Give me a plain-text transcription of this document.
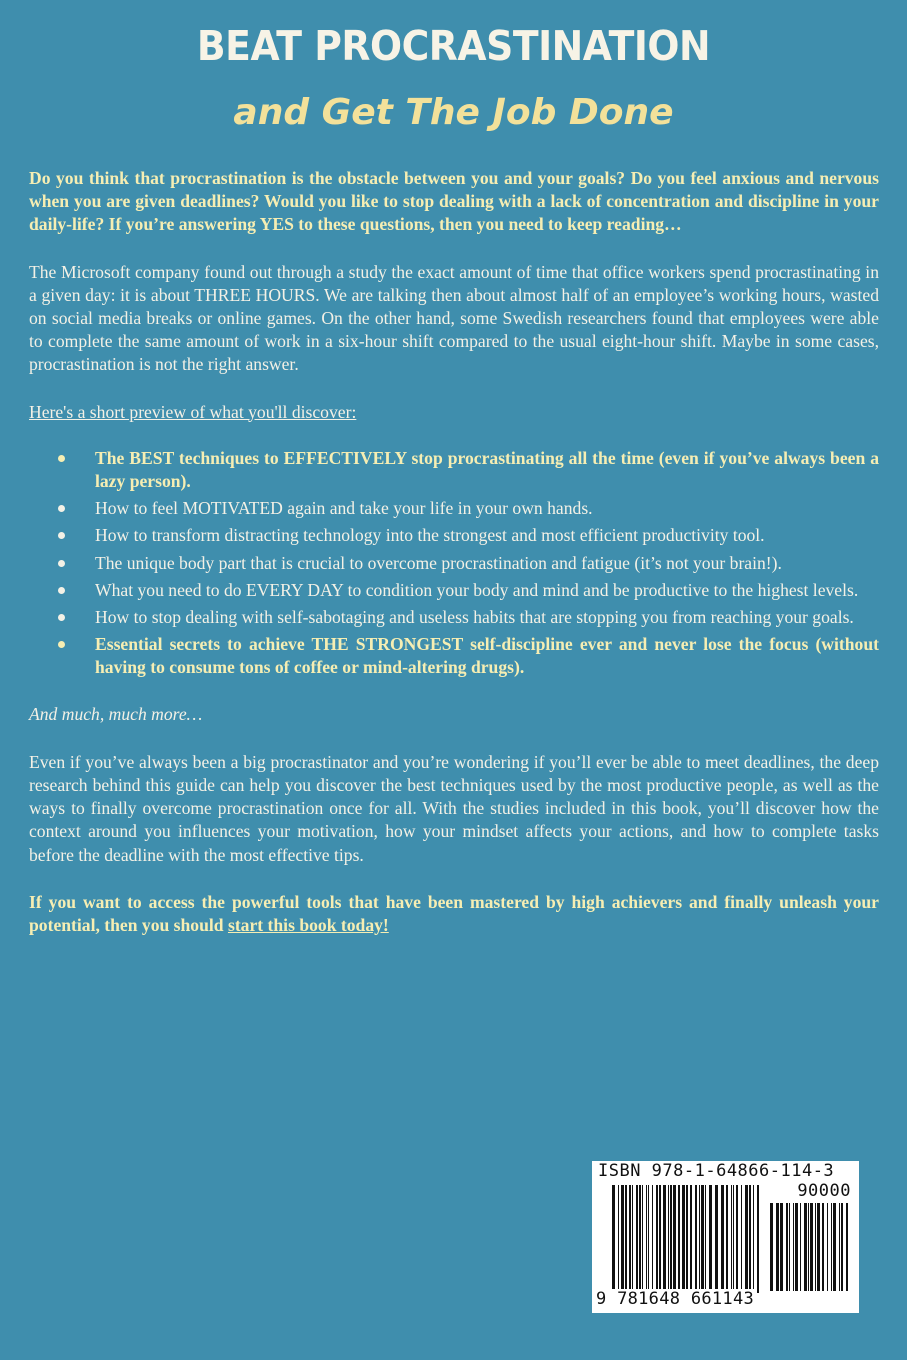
BEAT PROCRASTINATION
and Get The Job Done

Do you think that procrastination is the obstacle between you and your goals? Do you feel anxious and nervous when you are given deadlines? Would you like to stop dealing with a lack of concentration and discipline in your daily-life? If you’re answering YES to these questions, then you need to keep reading…

The Microsoft company found out through a study the exact amount of time that office workers spend procrastinating in a given day: it is about THREE HOURS. We are talking then about almost half of an employee’s working hours, wasted on social media breaks or online games. On the other hand, some Swedish researchers found that employees were able to complete the same amount of work in a six-hour shift compared to the usual eight-hour shift. Maybe in some cases, procrastination is not the right answer.

Here's a short preview of what you'll discover:

The BEST techniques to EFFECTIVELY stop procrastinating all the time (even if you’ve always been a lazy person).
How to feel MOTIVATED again and take your life in your own hands.
How to transform distracting technology into the strongest and most efficient productivity tool.
The unique body part that is crucial to overcome procrastination and fatigue (it’s not your brain!).
What you need to do EVERY DAY to condition your body and mind and be productive to the highest levels.
How to stop dealing with self-sabotaging and useless habits that are stopping you from reaching your goals.
Essential secrets to achieve THE STRONGEST self-discipline ever and never lose the focus (without having to consume tons of coffee or mind-altering drugs).

And much, much more…

Even if you’ve always been a big procrastinator and you’re wondering if you’ll ever be able to meet deadlines, the deep research behind this guide can help you discover the best techniques used by the most productive people, as well as the ways to finally overcome procrastination once for all. With the studies included in this book, you’ll discover how the context around you influences your motivation, how your mindset affects your actions, and how to complete tasks before the deadline with the most effective tips.

If you want to access the powerful tools that have been mastered by high achievers and finally unleash your potential, then you should start this book today!

ISBN 978-1-64866-114-3
90000
9 781648 661143
